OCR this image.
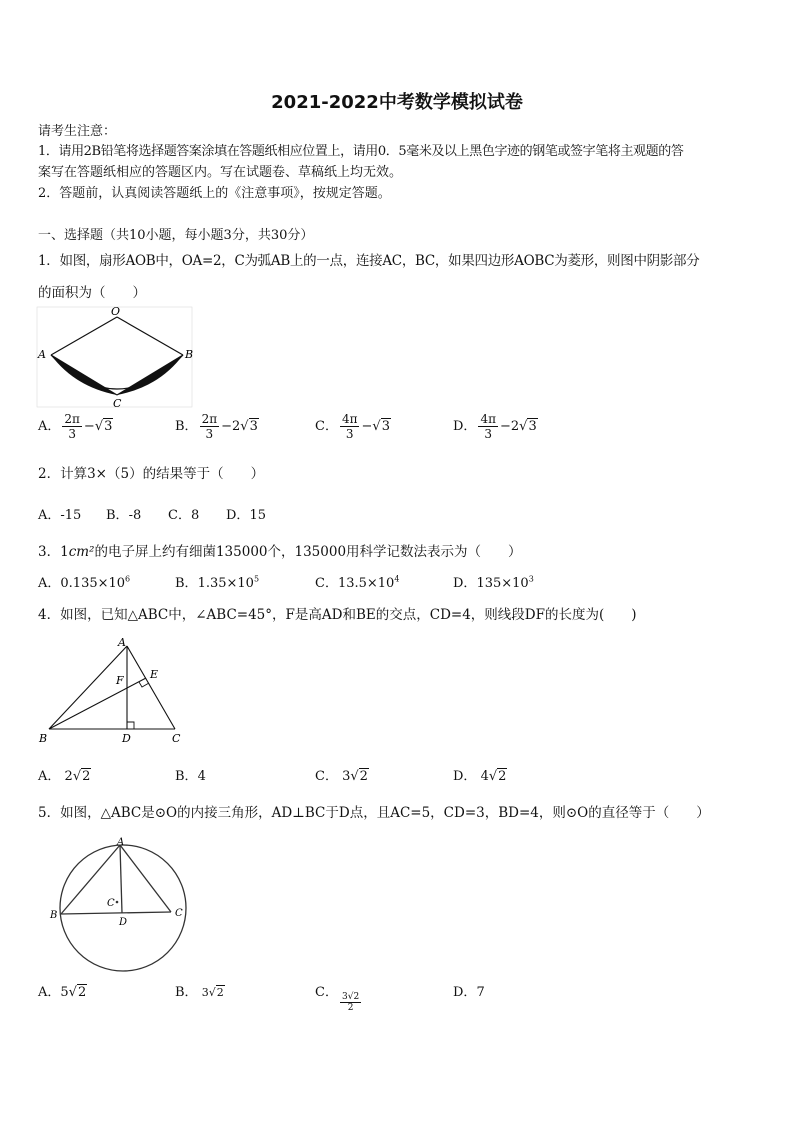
2021-2022中考数学模拟试卷
请考生注意：
1．请用2B铅笔将选择题答案涂填在答题纸相应位置上，请用0．5毫米及以上黑色字迹的钢笔或签字笔将主观题的答
案写在答题纸相应的答题区内。写在试题卷、草稿纸上均无效。
2．答题前，认真阅读答题纸上的《注意事项》，按规定答题。
一、选择题（共10小题，每小题3分，共30分）
1．如图，扇形AOB中，OA=2，C为弧AB上的一点，连接AC，BC，如果四边形AOBC为菱形，则图中阴影部分
的面积为（　　）
O
A	B
C
A． $\frac{2\pi}{3} -√3$	B． $\frac{2\pi}{3} -2√3$	C． $\frac{4\pi}{3} -√3$	D． $\frac{4\pi}{3} -2√3$
2．计算3×（5）的结果等于（　　）
A．-15 B．-8 C．8 D．15
3．1cm²的电子屏上约有细菌135000个，135000用科学记数法表示为（　　）
A．$0.135\times 10^6$	B．$1.35\times 10^5$	C．$13.5\times 10^4$	D．$135\times 10^3$
4．如图，已知△ABC中，∠ABC=45°，F是高AD和BE的交点，CD=4，则线段DF的长度为(　　)
A
E
F
B	D	C
A． 2√2	B．4	C． 3√2	D． 4√2
5．如图，△ABC是⊙O的内接三角形，AD⊥BC于D点，且AC=5，CD=3，BD=4，则⊙O的直径等于（　　）
A
C
B
D
C
A．5√2	B． 3√2	C． $\frac{3√2}{2}$	D．7
